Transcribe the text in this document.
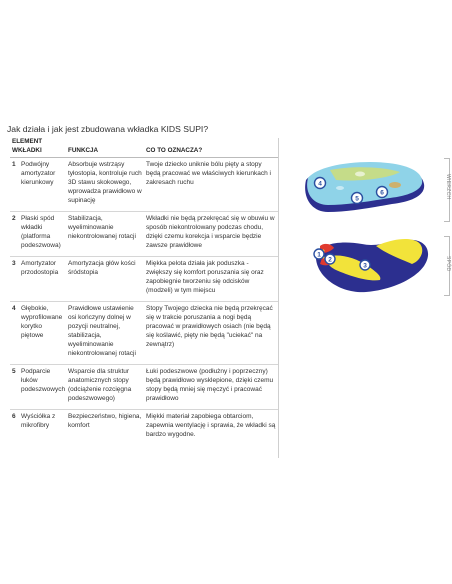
Jak działa i jak jest zbudowana wkładka KIDS SUPI?
ELEMENT WKŁADKI	FUNKCJA	CO TO OZNACZA?
1 Podwójny amortyzator kierunkowy	Absorbuje wstrząsy tyłostopia, kontroluje ruch 3D stawu skokowego, wprowadza prawidłowo w supinację	Twoje dziecko uniknie bólu pięty a stopy będą pracować we właściwych kierunkach i zakresach ruchu
2 Płaski spód wkładki (platforma podeszwowa)	Stabilizacja, wyeliminowanie niekontrolowanej rotacji	Wkładki nie będą przekręcać się w obuwiu w sposób niekontrolowany podczas chodu, dzięki czemu korekcja i wsparcie będzie zawsze prawidłowe
3 Amortyzator przodostopia	Amortyzacja głów kości śródstopia	Miękka pelota działa jak poduszka - zwiększy się komfort poruszania się oraz zapobiegnie tworzeniu się odcisków (modzeli) w tym miejscu
4 Głębokie, wyprofilowane korytko piętowe	Prawidłowe ustawienie osi kończyny dolnej w pozycji neutralnej, stabilizacja, wyeliminowanie niekontrolowanej rotacji	Stopy Twojego dziecka nie będą przekręcać się w trakcie poruszania a nogi będą pracować w prawidłowych osiach (nie będą się koślawić, pięty nie będą "uciekać" na zewnątrz)
5 Podparcie łuków podeszwowych	Wsparcie dla struktur anatomicznych stopy (odciążenie rozcięgna podeszwowego)	Łuki podeszwowe (podłużny i poprzeczny) będą prawidłowo wysklepione, dzięki czemu stopy będą mniej się męczyć i pracować prawidłowo
6 Wyściółka z mikrofibry	Bezpieczeństwo, higiena, komfort	Miękki materiał zapobiega obtarciom, zapewnia wentylację i sprawia, że wkładki są bardzo wygodne.
4
5
6
1
2
3
WIERZCH
SPÓD
